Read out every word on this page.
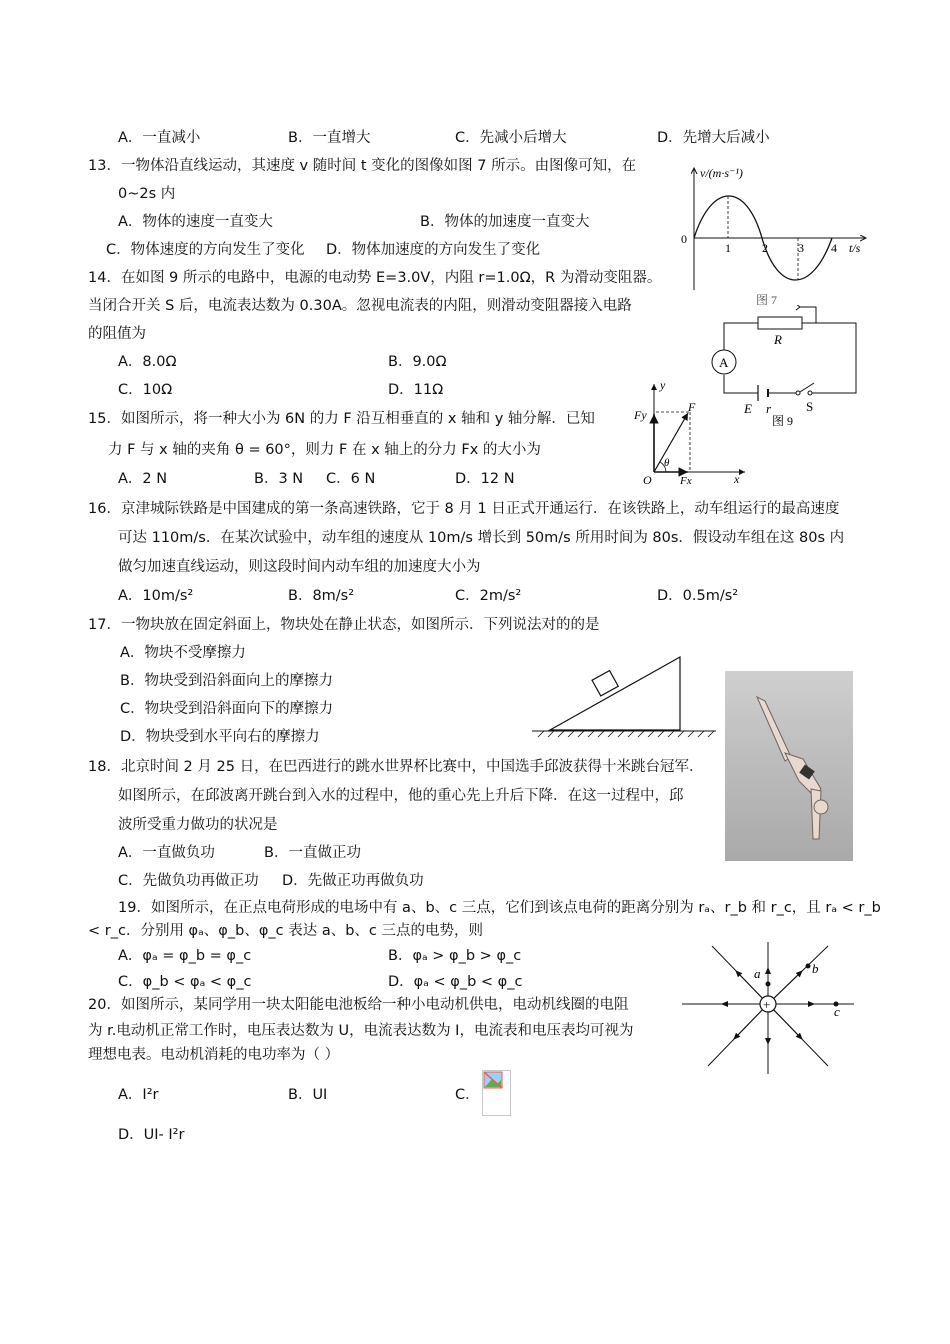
A．一直减小	B．一直增大	C．先减小后增大	D．先增大后减小
13．一物体沿直线运动，其速度 v 随时间 t 变化的图像如图 7 所示。由图像可知，在
0~2s 内
A．物体的速度一直变大	B．物体的加速度一直变大
C．物体速度的方向发生了变化 D．物体加速度的方向发生了变化
v/(m·s⁻¹)
0
1	2	3 4 t/s
图 7
14．在如图 9 所示的电路中，电源的电动势 E=3.0V，内阻 r=1.0Ω，R 为滑动变阻器。
当闭合开关 S 后，电流表达数为 0.30A。忽视电流表的内阻，则滑动变阻器接入电路
的阻值为
A．8.0Ω	B．9.0Ω
C．10Ω	D．11Ω
A
R
E r	S
图 9
15．如图所示，将一种大小为 6N 的力 F 沿互相垂直的 x 轴和 y 轴分解．已知
力 F 与 x 轴的夹角 θ = 60°，则力 F 在 x 轴上的分力 Fx 的大小为
A．2 N	B．3 N C．6 N	D．12 N
y
x
F
Fy
Fx
O
θ
16．京津城际铁路是中国建成的第一条高速铁路，它于 8 月 1 日正式开通运行．在该铁路上，动车组运行的最高速度
可达 110m/s．在某次试验中，动车组的速度从 10m/s 增长到 50m/s 所用时间为 80s．假设动车组在这 80s 内
做匀加速直线运动，则这段时间内动车组的加速度大小为
A．10m/s²	B．8m/s²	C．2m/s²	D．0.5m/s²
17．一物块放在固定斜面上，物块处在静止状态，如图所示．下列说法对的的是
A．物块不受摩擦力
B．物块受到沿斜面向上的摩擦力
C．物块受到沿斜面向下的摩擦力
D．物块受到水平向右的摩擦力
18．北京时间 2 月 25 日，在巴西进行的跳水世界杯比赛中，中国选手邱波获得十米跳台冠军．
如图所示，在邱波离开跳台到入水的过程中，他的重心先上升后下降．在这一过程中，邱
波所受重力做功的状况是
A．一直做负功	B．一直做正功
C．先做负功再做正功 D．先做正功再做负功
19．如图所示，在正点电荷形成的电场中有 a、b、c 三点，它们到该点电荷的距离分别为 rₐ、r_b 和 r_c，且 rₐ < r_b
< r_c．分别用 φₐ、φ_b、φ_c 表达 a、b、c 三点的电势，则
A．φₐ = φ_b = φ_c	B．φₐ > φ_b > φ_c
C．φ_b < φₐ < φ_c	D．φₐ < φ_b < φ_c
+
a	b
c
20．如图所示，某同学用一块太阳能电池板给一种小电动机供电，电动机线圈的电阻
为 r.电动机正常工作时，电压表达数为 U，电流表达数为 I，电流表和电压表均可视为
理想电表。电动机消耗的电功率为（ ）
A．I²r	B．UI	C．
D．UI- I²r
